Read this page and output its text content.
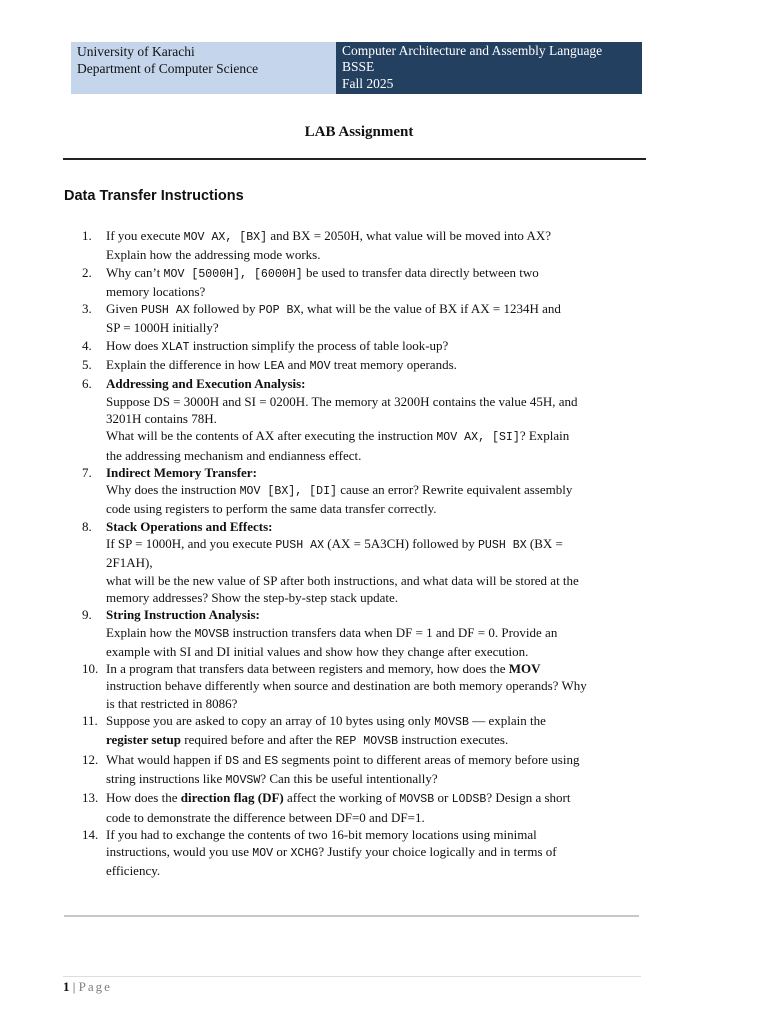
University of Karachi
Department of Computer Science
Computer Architecture and Assembly Language
BSSE
Fall 2025
LAB Assignment
Data Transfer Instructions
1.	If you execute MOV AX, [BX] and BX = 2050H, what value will be moved into AX?
Explain how the addressing mode works.
2.	Why can’t MOV [5000H], [6000H] be used to transfer data directly between two
memory locations?
3.	Given PUSH AX followed by POP BX, what will be the value of BX if AX = 1234H and
SP = 1000H initially?
4.	How does XLAT instruction simplify the process of table look-up?
5.	Explain the difference in how LEA and MOV treat memory operands.
6.	Addressing and Execution Analysis:
Suppose DS = 3000H and SI = 0200H. The memory at 3200H contains the value 45H, and
3201H contains 78H.
What will be the contents of AX after executing the instruction MOV AX, [SI]? Explain
the addressing mechanism and endianness effect.
7.	Indirect Memory Transfer:
Why does the instruction MOV [BX], [DI] cause an error? Rewrite equivalent assembly
code using registers to perform the same data transfer correctly.
8.	Stack Operations and Effects:
If SP = 1000H, and you execute PUSH AX (AX = 5A3CH) followed by PUSH BX (BX =
2F1AH),
what will be the new value of SP after both instructions, and what data will be stored at the
memory addresses? Show the step-by-step stack update.
9.	String Instruction Analysis:
Explain how the MOVSB instruction transfers data when DF = 1 and DF = 0. Provide an
example with SI and DI initial values and show how they change after execution.
10. In a program that transfers data between registers and memory, how does the MOV
instruction behave differently when source and destination are both memory operands? Why
is that restricted in 8086?
11. Suppose you are asked to copy an array of 10 bytes using only MOVSB — explain the
register setup required before and after the REP MOVSB instruction executes.
12. What would happen if DS and ES segments point to different areas of memory before using
string instructions like MOVSW? Can this be useful intentionally?
13. How does the direction flag (DF) affect the working of MOVSB or LODSB? Design a short
code to demonstrate the difference between DF=0 and DF=1.
14. If you had to exchange the contents of two 16-bit memory locations using minimal
instructions, would you use MOV or XCHG? Justify your choice logically and in terms of
efficiency.
1 | Page
